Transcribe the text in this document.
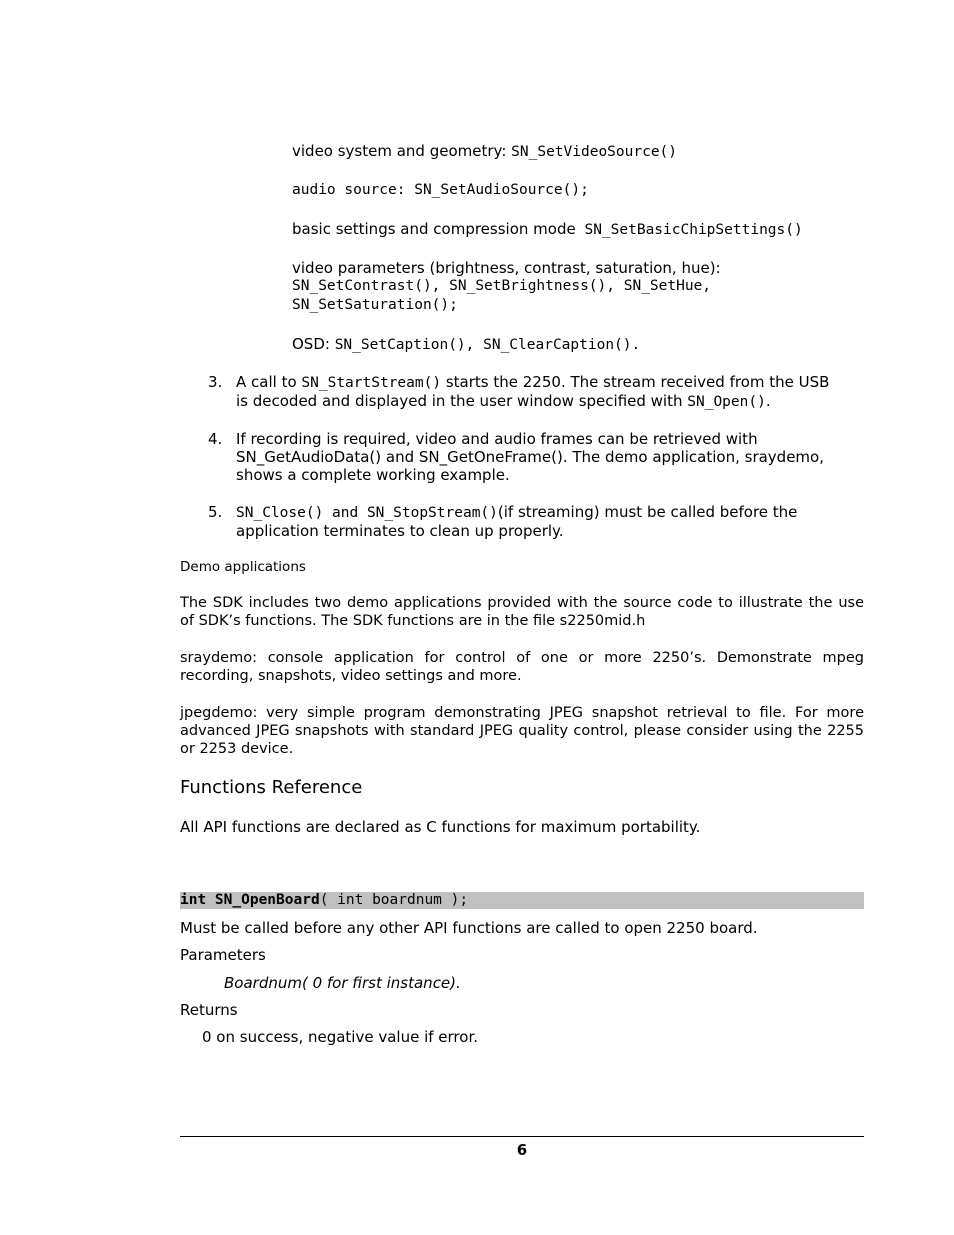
video system and geometry: SN_SetVideoSource()
audio source: SN_SetAudioSource();
basic settings and compression mode SN_SetBasicChipSettings()
video parameters (brightness, contrast, saturation, hue):
SN_SetContrast(), SN_SetBrightness(), SN_SetHue,
SN_SetSaturation();
OSD: SN_SetCaption(), SN_ClearCaption().
3. A call to SN_StartStream() starts the 2250. The stream received from the USB
is decoded and displayed in the user window specified with SN_Open().
4. If recording is required, video and audio frames can be retrieved with
SN_GetAudioData() and SN_GetOneFrame(). The demo application, sraydemo,
shows a complete working example.
5. SN_Close() and SN_StopStream()(if streaming) must be called before the
application terminates to clean up properly.
Demo applications
The SDK includes two demo applications provided with the source code to illustrate the use of SDK’s functions. The SDK functions are in the file s2250mid.h
sraydemo: console application for control of one or more 2250’s. Demonstrate mpeg recording, snapshots, video settings and more.
jpegdemo: very simple program demonstrating JPEG snapshot retrieval to file. For more advanced JPEG snapshots with standard JPEG quality control, please consider using the 2255 or 2253 device.
Functions Reference
All API functions are declared as C functions for maximum portability.
int SN_OpenBoard( int boardnum );
Must be called before any other API functions are called to open 2250 board.
Parameters
Boardnum( 0 for first instance).
Returns
0 on success, negative value if error.
6
